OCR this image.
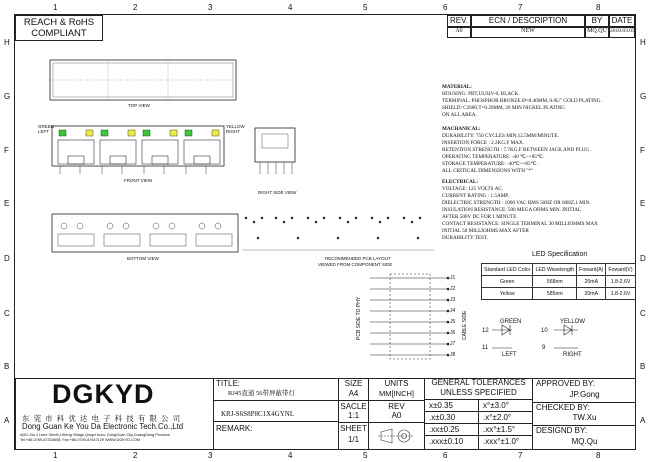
1	2	3	4	5	6	7	8
1	2	3	4	5	6	7	8
H
G
F
E
D
C
B
A
H
G
F
E
D
C
B
A
REACH & RoHS
COMPLIANT
REV.	ECN / DESCRIPTION	BY	DATE
A0	NEW	MQ.QU 2018.03.05
TOP VIEW
GREEN
LEFT
YELLOW
RIGHT
FRONT VIEW
RIGHT SIDE VIEW
BOTTOM VIEW	RECOMMENDED PCB LAYOUT
VIEWED FROM COMPONENT SIDE
MATERIAL:
HOUSING: PBT,UL94V-0, BLACK.
TERMINAL: PHOSPHOR BRONZE Ø=0.46MM, 0.6U" GOLD PLATING.
SHIELD: C2680,T=0.20MM, 20 MIN NICKEL PLATING
ON ALL AREA.
MACHANICAL:
DURABILITY: 750 CYCLES MIN,12.5MM/MINUTE.
INSERTION FORCE : 2.2KG.F MAX.
RETENTION STRENGTH : 7.7KG.F BETWEEN JACK AND PLUG .
OPERATING TEMPERATURE: -40 ℃~+85℃.
STORAGE TEMPERATURE: -40℃~+85℃.
ALL CRITICAL DIMENSIONS WITH "*"
ELECTRICAL:
VOLTAGE: 125 VOLTS AC.
CURRENT RATING : 1.5AMP.
DIELECTRIC STRENGTH : 1000 VAC RMS 50HZ OR 60HZ,1 MIN.
INSULATION RESISTANCE: 500 MEGA OHMS MIN. INITIAL
AFTER 500V DC FOR 1 MINUTE.
CONTACT RESISTANCE: SINGLE TERMINAL 30 MILLIOHMS MAX
INITIAL 50 MILLIOHMS MAX AFTER
DURABILITY TEST.
LED Specification
Standard LED Color	LED Wavelength	Foward(A)	Foward(V)
Green	568nm	20mA	1.8-2.6V
Yellow	585nm	20mA	1.8-2.6V
J1
J2
J3
J4
J5
J6
J7
J8
PCB SIDE TO PHY	CABLE SIDE	GREEN	YELLOW
12
11
10
9
LEFT	RIGHT
DGKYD
东 莞 市 科 优 达 电 子 科 技 有 限 公 司
Dong Guan Ke You Da Electronic Tech.Co.,Ltd
ADD.:No.1 Lime Street,LiHeng Village,Qingxi town, DongGuan City,GuangDong Province
Tel:+86-0769-87334608; Fax:+86-0769-87647129 WWW.DGKYD.COM
TITLE:
RJ45直通 56带屏蔽带灯
KRJ-S6S8P8C1X4GYNL
REMARK:
SIZE
A4
UNITS
MM[INCH]
SACLE
1:1
REV
A0
SHEET
1/1
GENERAL TOLERANCES
UNLESS SPECIFIED
x±0.35	x°±3.0°
.x±0.30	.x°±2.0°
.xx±0.25	.xx°±1.5°
.xxx±0.10 .xxx°±1.0°
APPROVED BY:
JP.Gong
CHECKED BY:
TW.Xu
DESIGND BY:
MQ.Qu
